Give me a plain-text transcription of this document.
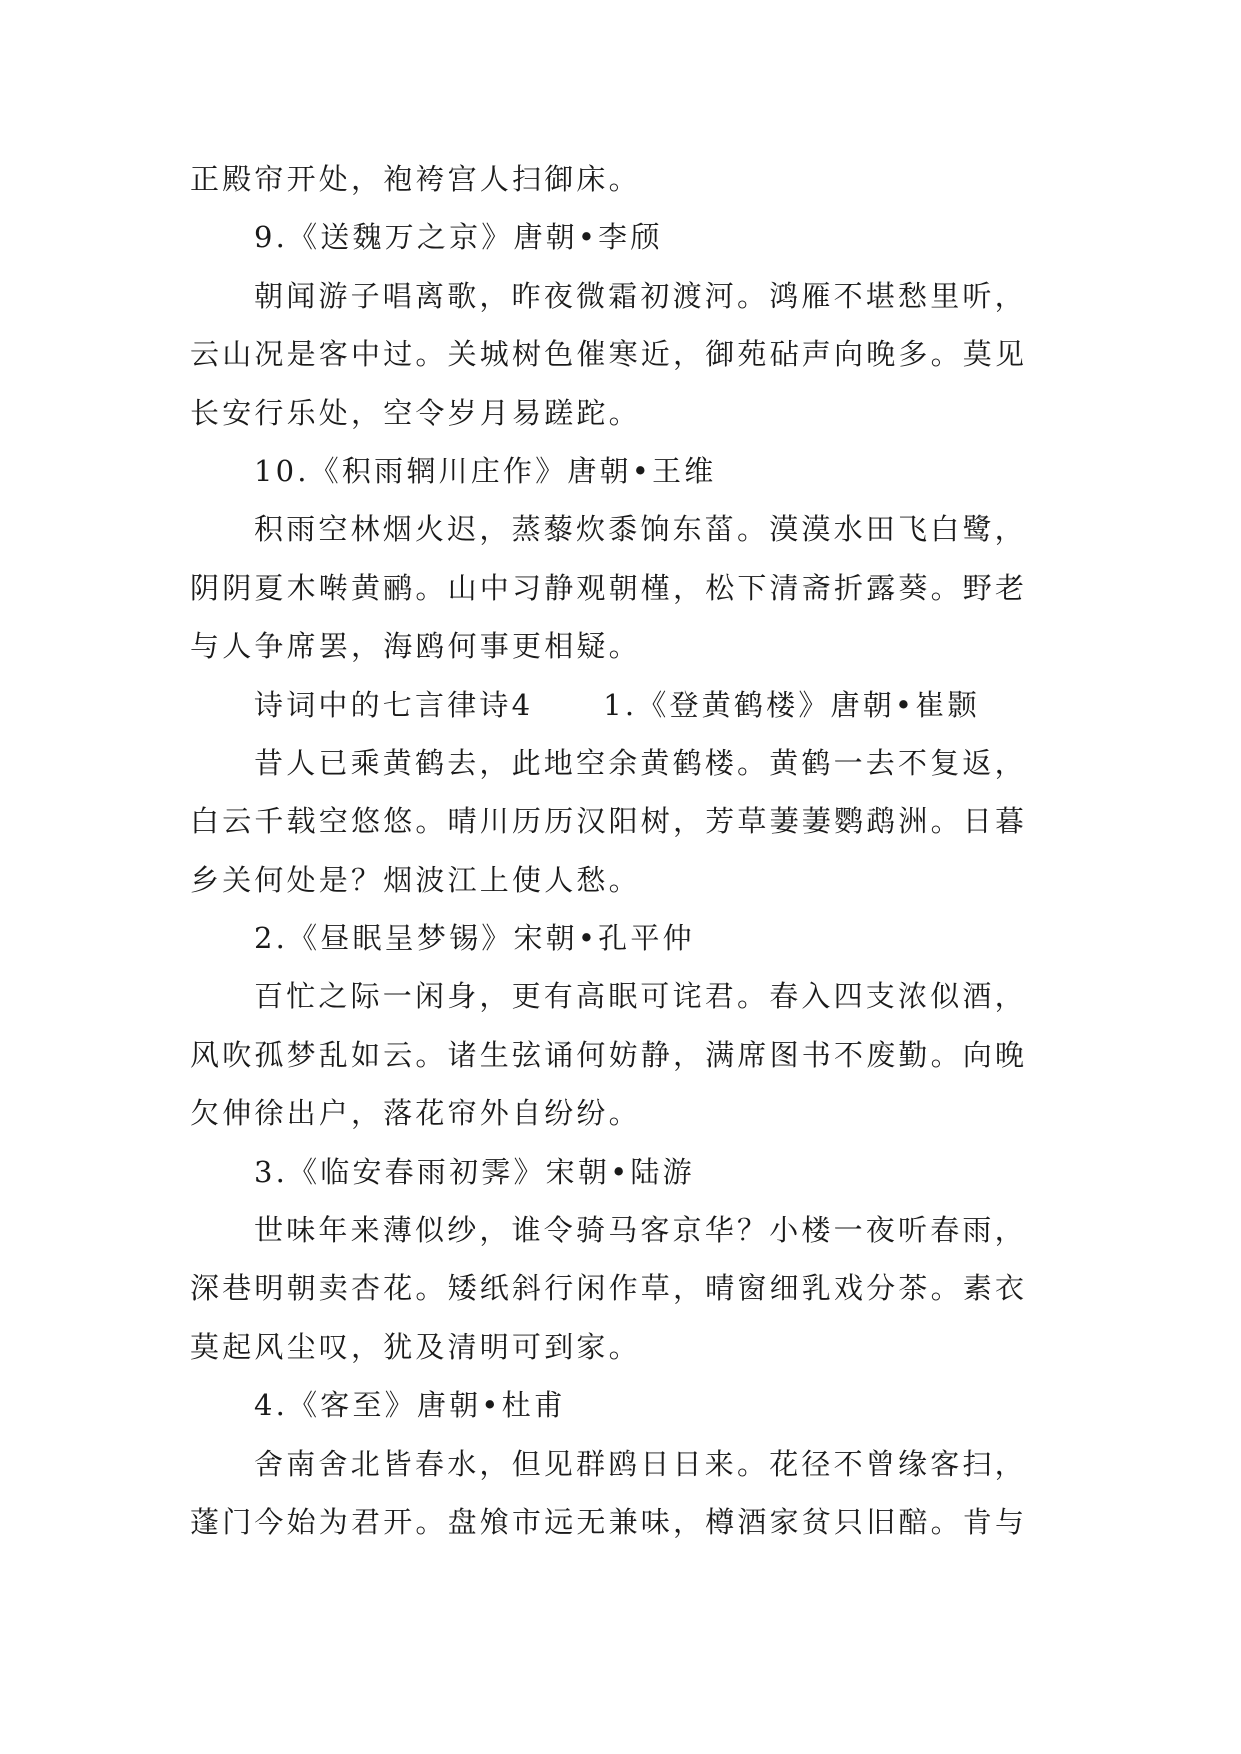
正殿帘开处，袍袴宫人扫御床。
9.《送魏万之京》唐朝•李颀
朝闻游子唱离歌，昨夜微霜初渡河。鸿雁不堪愁里听，
云山况是客中过。关城树色催寒近，御苑砧声向晚多。莫见
长安行乐处，空令岁月易蹉跎。
10.《积雨辋川庄作》唐朝•王维
积雨空林烟火迟，蒸藜炊黍饷东菑。漠漠水田飞白鹭，
阴阴夏木啭黄鹂。山中习静观朝槿，松下清斋折露葵。野老
与人争席罢，海鸥何事更相疑。
诗词中的七言律诗4 1.《登黄鹤楼》唐朝•崔颢
昔人已乘黄鹤去，此地空余黄鹤楼。黄鹤一去不复返，
白云千载空悠悠。晴川历历汉阳树，芳草萋萋鹦鹉洲。日暮
乡关何处是？烟波江上使人愁。
2.《昼眠呈梦锡》宋朝•孔平仲
百忙之际一闲身，更有高眠可诧君。春入四支浓似酒，
风吹孤梦乱如云。诸生弦诵何妨静，满席图书不废勤。向晚
欠伸徐出户，落花帘外自纷纷。
3.《临安春雨初霁》宋朝•陆游
世味年来薄似纱，谁令骑马客京华？小楼一夜听春雨，
深巷明朝卖杏花。矮纸斜行闲作草，晴窗细乳戏分茶。素衣
莫起风尘叹，犹及清明可到家。
4.《客至》唐朝•杜甫
舍南舍北皆春水，但见群鸥日日来。花径不曾缘客扫，
蓬门今始为君开。盘飧市远无兼味，樽酒家贫只旧醅。肯与
